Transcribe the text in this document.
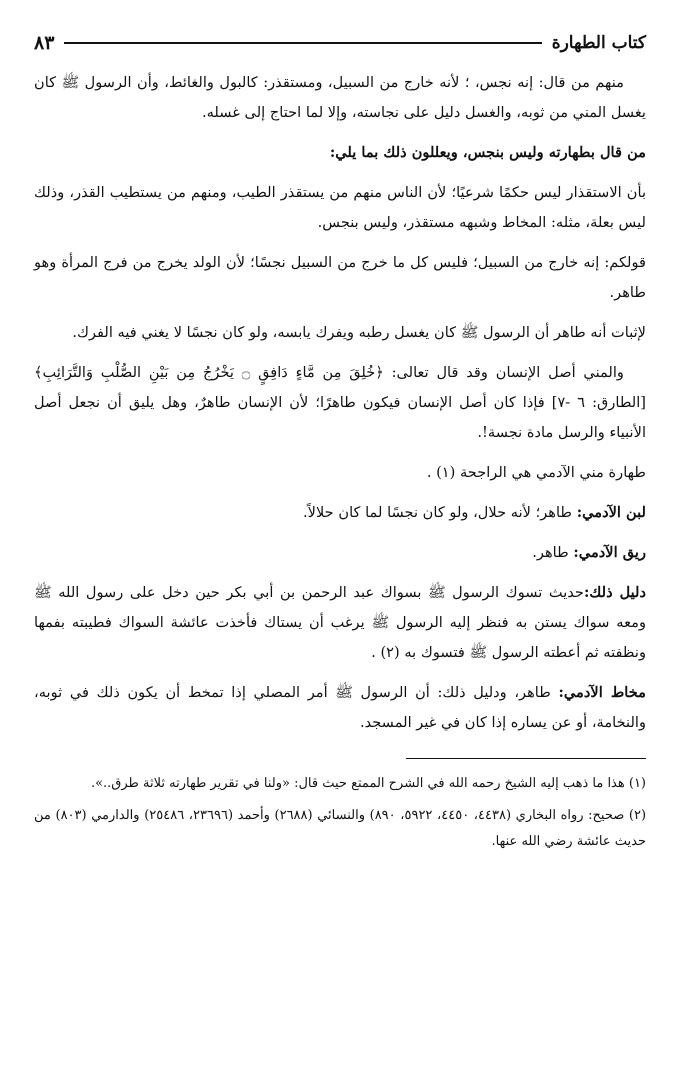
كتاب الطهارة
٨٣

منهم من قال: إنه نجس، ؛ لأنه خارج من السبيل، ومستقذر: كالبول والغائط، وأن الرسول ﷺ كان يغسل المني من ثوبه، والغسل دليل على نجاسته، وإلا لما احتاج إلى غسله.

من قال بطهارته وليس بنجس، ويعللون ذلك بما يلي:

بأن الاستقذار ليس حكمًا شرعيًا؛ لأن الناس منهم من يستقذر الطيب، ومنهم من يستطيب القذر، وذلك ليس بعلة، مثله: المخاط وشبهه مستقذر، وليس بنجس.

قولكم: إنه خارج من السبيل؛ فليس كل ما خرج من السبيل نجسًا؛ لأن الولد يخرج من فرج المرأة وهو طاهر.

لإثبات أنه طاهر أن الرسول ﷺ كان يغسل رطبه ويفرك يابسه، ولو كان نجسًا لا يغني فيه الفرك.

والمني أصل الإنسان وقد قال تعالى: ﴿خُلِقَ مِن مَّاءٍ دَافِقٍ ۝ يَخْرُجُ مِن بَيْنِ الصُّلْبِ وَالتَّرَائِبِ﴾ [الطارق: ٦ -٧] فإذا كان أصل الإنسان فيكون طاهرًا؛ لأن الإنسان طاهرٌ، وهل يليق أن نجعل أصل الأنبياء والرسل مادة نجسة!.

طهارة مني الآدمي هي الراجحة (١) .

لبن الآدمي: طاهر؛ لأنه حلال، ولو كان نجسًا لما كان حلالاً.

ريق الآدمي: طاهر.

دليل ذلك:حديث تسوك الرسول ﷺ بسواك عبد الرحمن بن أبي بكر حين دخل على رسول الله ﷺ ومعه سواك يستن به فنظر إليه الرسول ﷺ يرغب أن يستاك فأخذت عائشة السواك فطيبته بفمها ونظفته ثم أعطته الرسول ﷺ فتسوك به (٢) .

مخاط الآدمي: طاهر، ودليل ذلك: أن الرسول ﷺ أمر المصلي إذا تمخط أن يكون ذلك في ثوبه، والنخامة، أو عن يساره إذا كان في غير المسجد.

(١) هذا ما ذهب إليه الشيخ رحمه الله في الشرح الممتع حيث قال: «ولنا في تقرير طهارته ثلاثة طرق..».

(٢) صحيح: رواه البخاري (٤٤٣٨، ٤٤٥٠، ٥٩٢٢، ٨٩٠) والنسائي (٢٦٨٨) وأحمد (٢٣٦٩٦، ٢٥٤٨٦) والدارمي (٨٠٣) من حديث عائشة رضي الله عنها.
